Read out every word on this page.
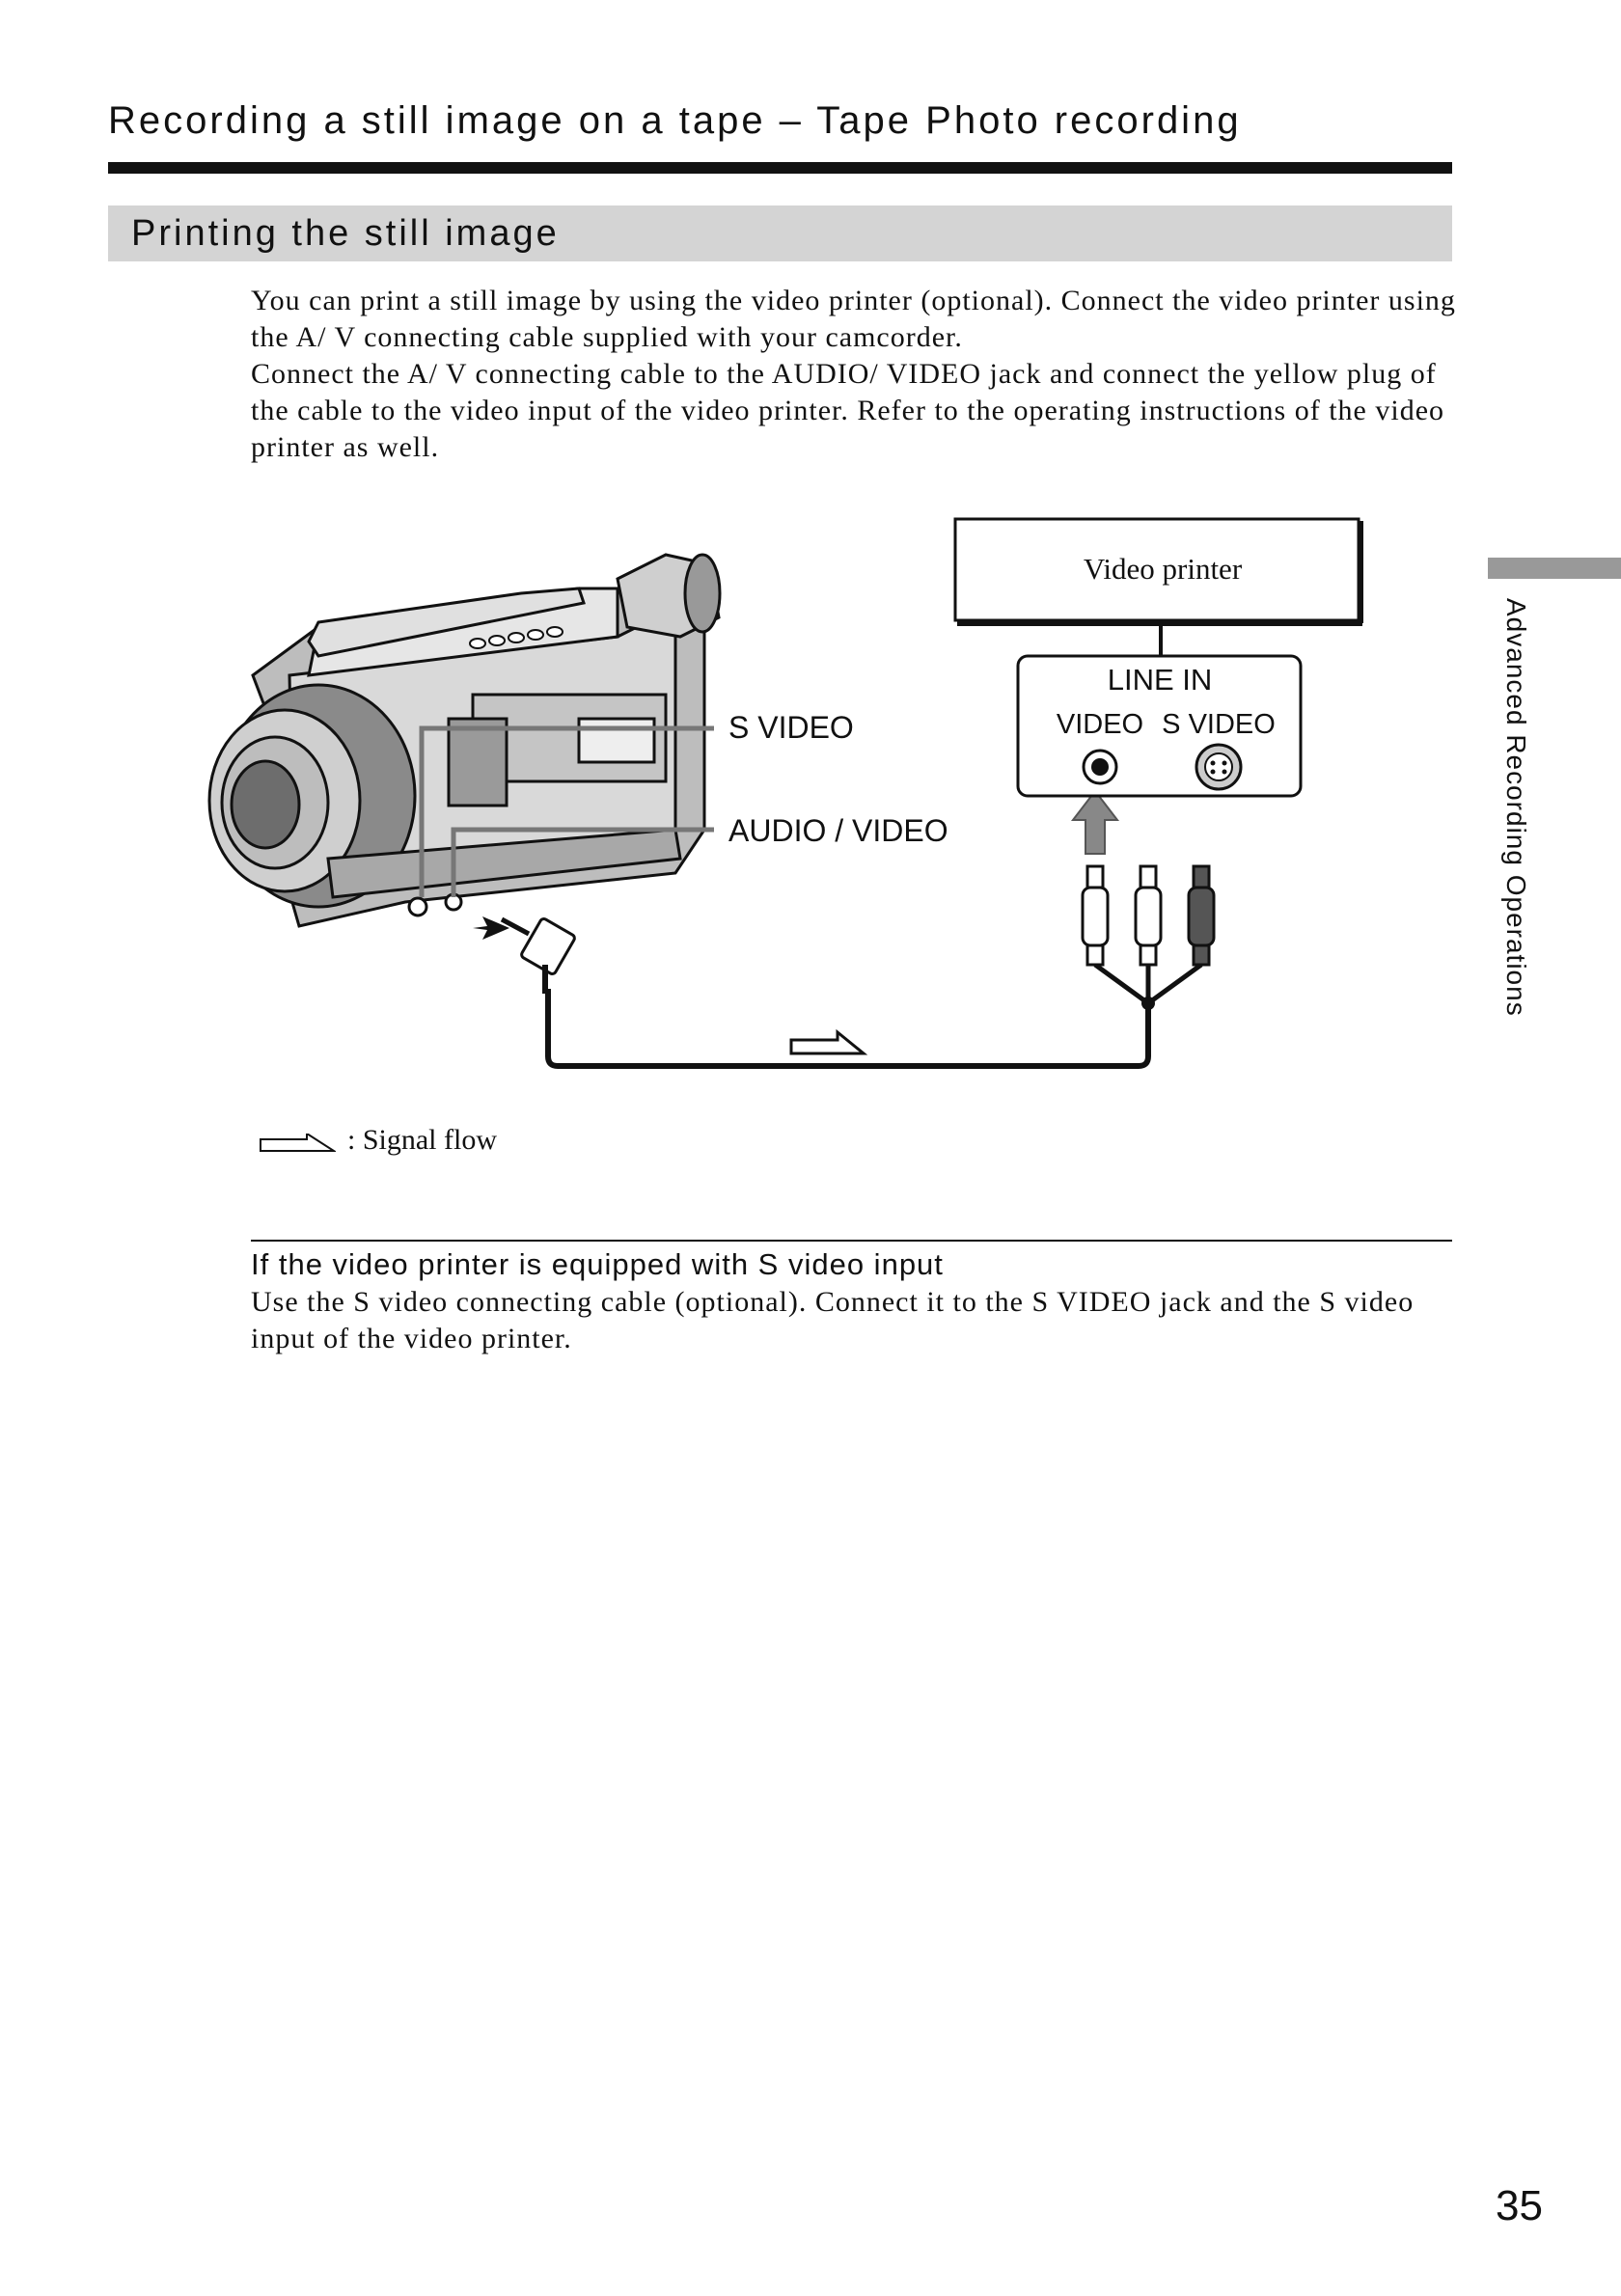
Recording a still image on a tape – Tape Photo recording
Printing the still image

You can print a still image by using the video printer (optional). Connect the video printer using the A/ V connecting cable supplied with your camcorder.

Connect the A/ V connecting cable to the AUDIO/ VIDEO jack and connect the yellow plug of the cable to the video input of the video printer. Refer to the operating instructions of the video printer as well.

S VIDEO
AUDIO / VIDEO
Video printer
LINE IN
VIDEO S VIDEO
: Signal flow
If the video printer is equipped with S video input
Use the S video connecting cable (optional). Connect it to the S VIDEO jack and the S video input of the video printer.
Advanced Recording Operations
35
